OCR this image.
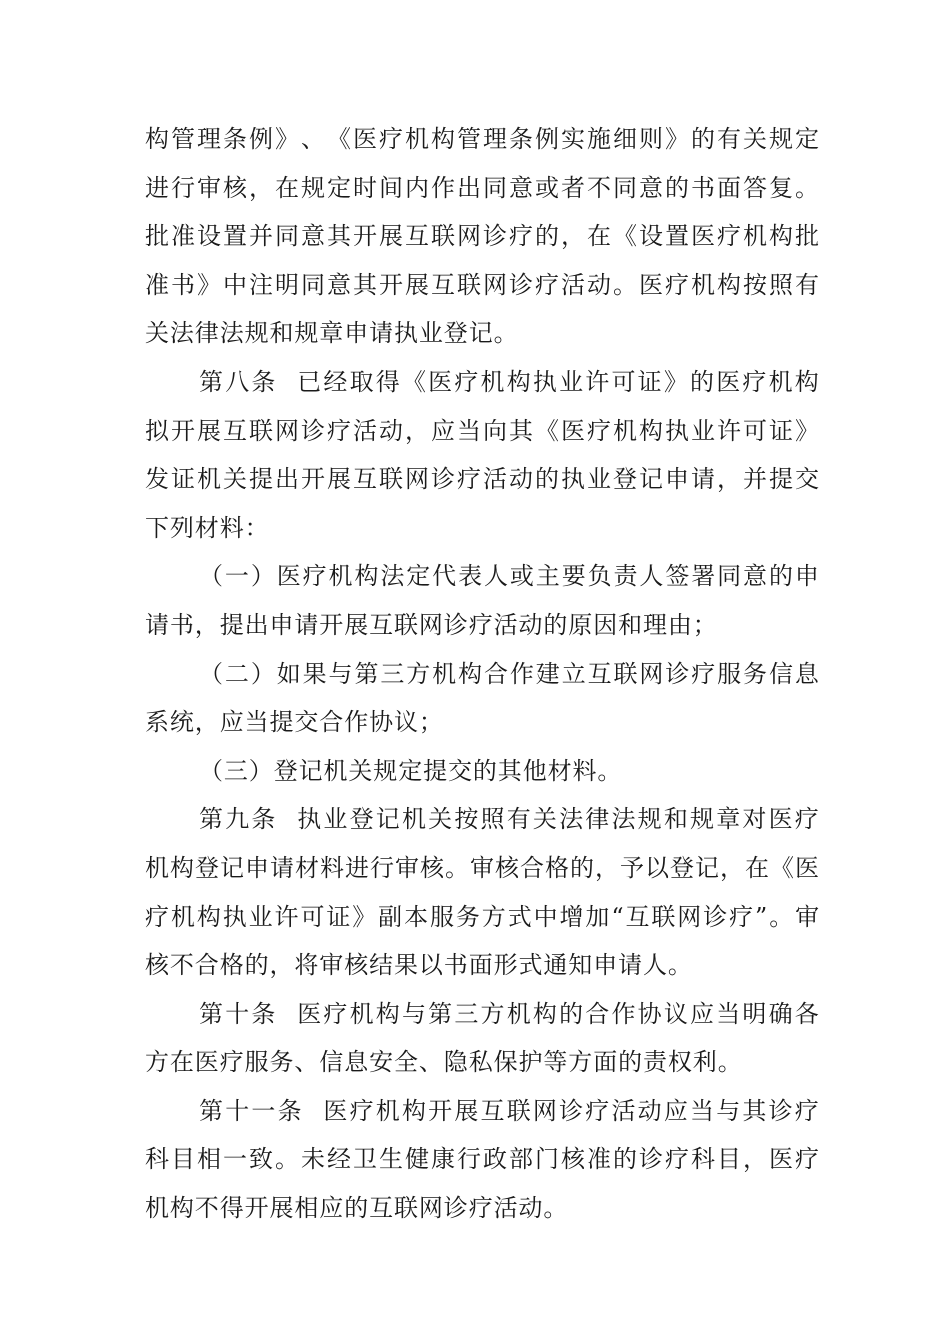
构 管 理 条 例 》 、 《 医 疗 机 构 管 理 条 例 实 施 细 则 》 的 有 关 规 定
进 行 审 核 ， 在 规 定 时 间 内 作 出 同 意 或 者 不 同 意 的 书 面 答 复 。
批 准 设 置 并 同 意 其 开 展 互 联 网 诊 疗 的 ， 在 《 设 置 医 疗 机 构 批
准 书 》 中 注 明 同 意 其 开 展 互 联 网 诊 疗 活 动 。 医 疗 机 构 按 照 有
关法律法规和规章申请执业登记。
第 八 条

已 经 取 得 《 医 疗 机 构 执 业 许 可 证 》 的 医 疗 机 构
拟 开 展 互 联 网 诊 疗 活 动 ， 应 当 向 其 《 医 疗 机 构 执 业 许 可 证 》
发 证 机 关 提 出 开 展 互 联 网 诊 疗 活 动 的 执 业 登 记 申 请 ， 并 提 交
下列材料：
（ 一 ） 医 疗 机 构 法 定 代 表 人 或 主 要 负 责 人 签 署 同 意 的 申
请书，提出申请开展互联网诊疗活动的原因和理由；
（ 二 ） 如 果 与 第 三 方 机 构 合 作 建 立 互 联 网 诊 疗 服 务 信 息
系统，应当提交合作协议；
（三）登记机关规定提交的其他材料。
第 九 条

执 业 登 记 机 关 按 照 有 关 法 律 法 规 和 规 章 对 医 疗
机 构 登 记 申 请 材 料 进 行 审 核 。 审 核 合 格 的 ， 予 以 登 记 ， 在 《 医
疗 机 构 执 业 许 可 证 》 副 本 服 务 方 式 中 增 加 “ 互 联 网 诊 疗 ” 。 审
核不合格的，将审核结果以书面形式通知申请人。
第 十 条

医 疗 机 构 与 第 三 方 机 构 的 合 作 协 议 应 当 明 确 各
方在医疗服务、信息安全、隐私保护等方面的责权利。
第 十 一 条

医 疗 机 构 开 展 互 联 网 诊 疗 活 动 应 当 与 其 诊 疗
科 目 相 一 致 。 未 经 卫 生 健 康 行 政 部 门 核 准 的 诊 疗 科 目 ， 医 疗
机构不得开展相应的互联网诊疗活动。
